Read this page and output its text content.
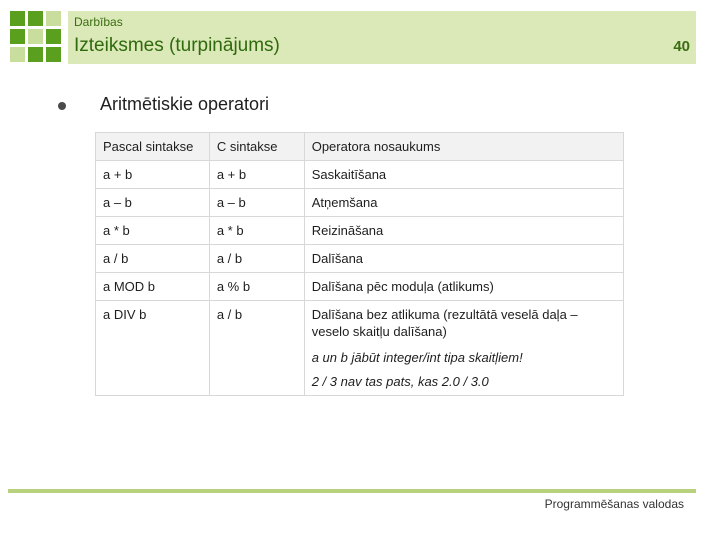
Darbības
Izteiksmes (turpinājums)	40
Aritmētiskie operatori
Pascal sintakse	C sintakse	Operatora nosaukums
a + b	a + b	Saskaitīšana
a – b	a – b	Atņemšana
a * b	a * b	Reizināšana
a / b	a / b	Dalīšana
a MOD b	a % b	Dalīšana pēc moduļa (atlikums)
a DIV b	a / b	Dalīšana bez atlikuma (rezultātā veselā daļa – veselo skaitļu dalīšana)
a un b jābūt integer/int tipa skaitļiem!
2 / 3 nav tas pats, kas 2.0 / 3.0
Programmēšanas valodas
